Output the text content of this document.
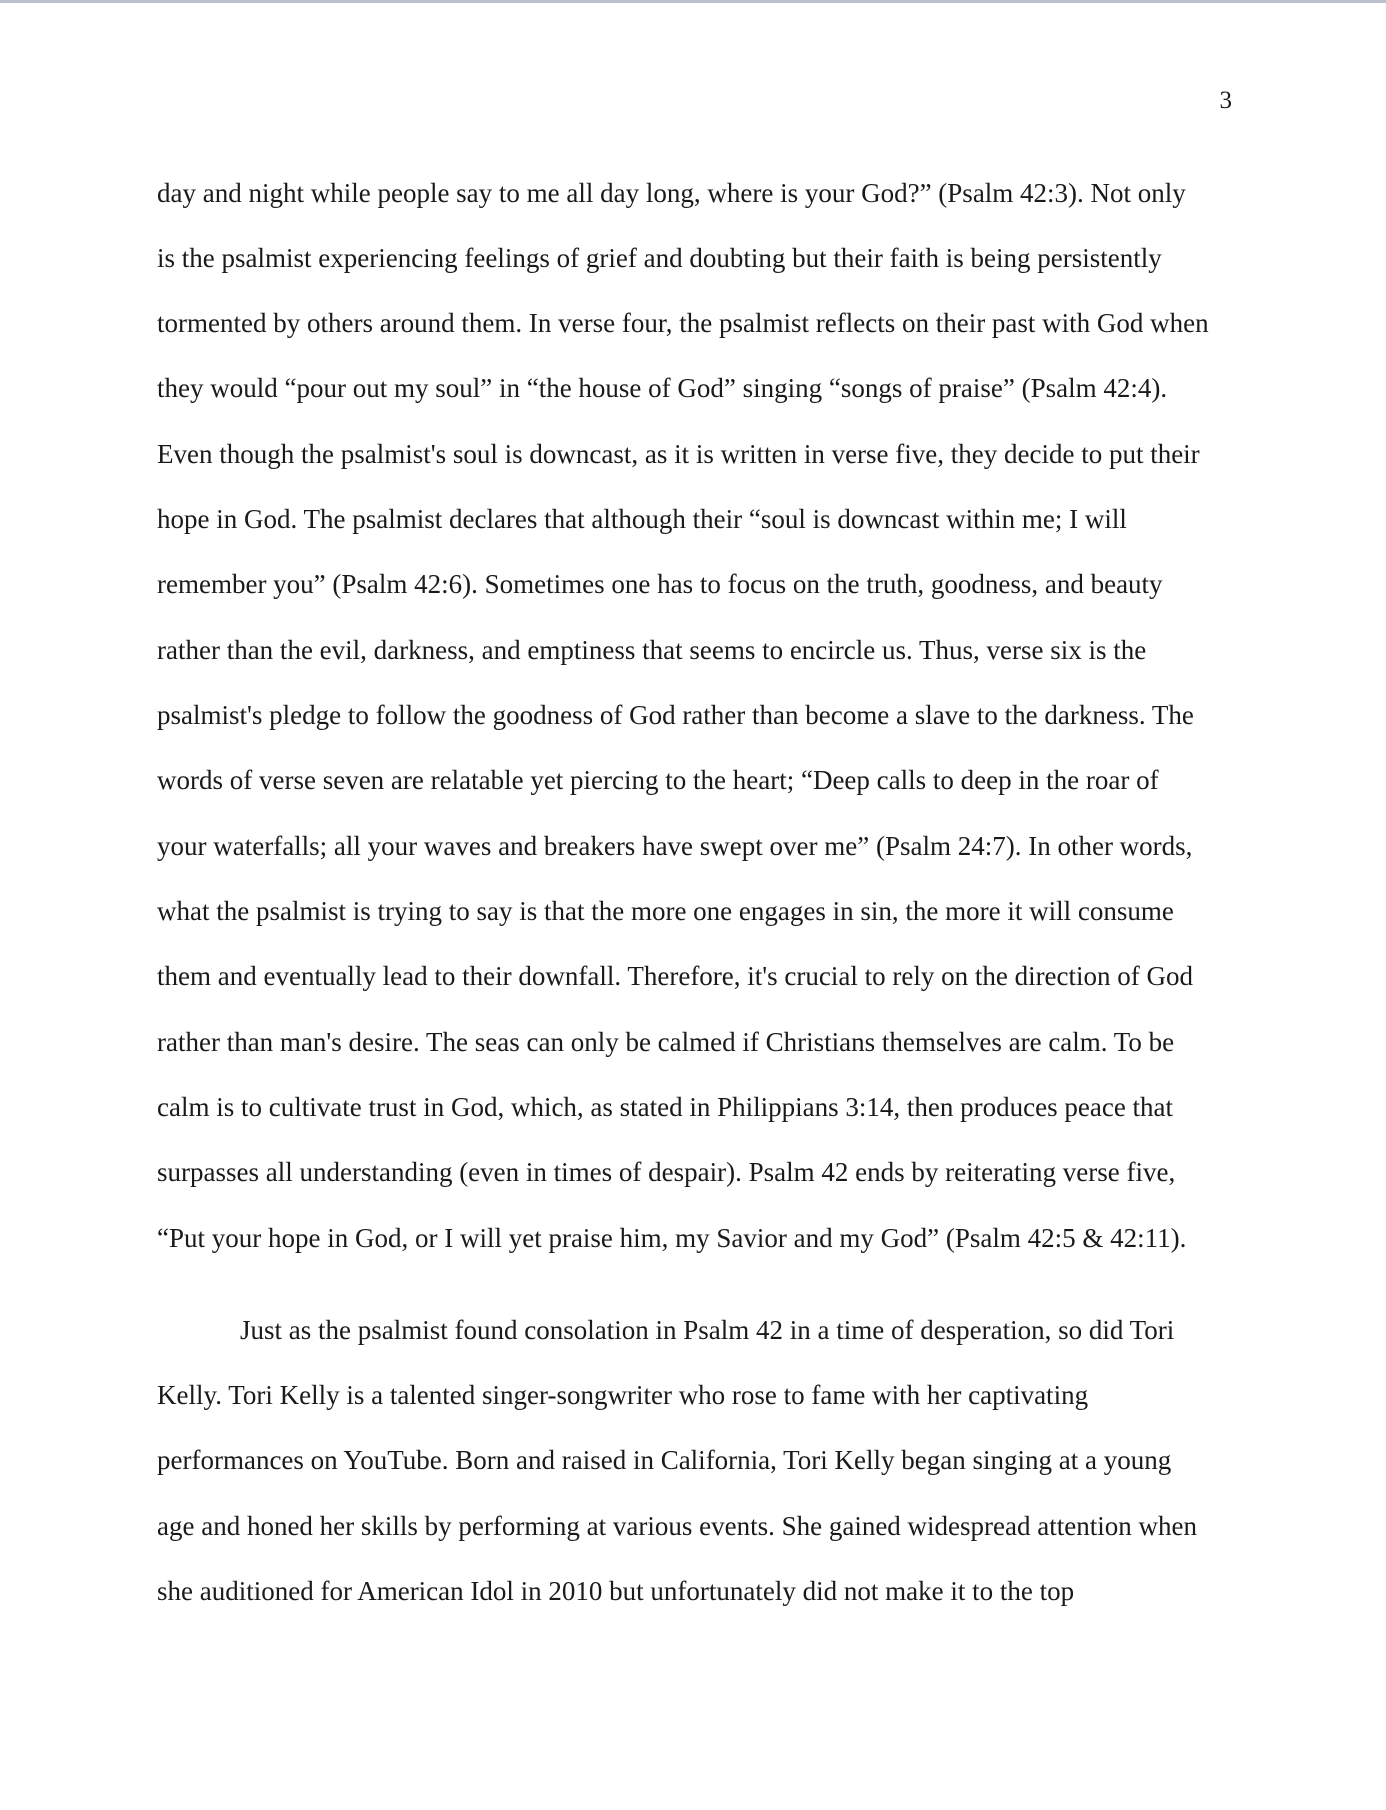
3
day and night while people say to me all day long, where is your God?” (Psalm 42:3). Not only
is the psalmist experiencing feelings of grief and doubting but their faith is being persistently
tormented by others around them. In verse four, the psalmist reflects on their past with God when
they would “pour out my soul” in “the house of God” singing “songs of praise” (Psalm 42:4).
Even though the psalmist's soul is downcast, as it is written in verse five, they decide to put their
hope in God. The psalmist declares that although their “soul is downcast within me; I will
remember you” (Psalm 42:6). Sometimes one has to focus on the truth, goodness, and beauty
rather than the evil, darkness, and emptiness that seems to encircle us. Thus, verse six is the
psalmist's pledge to follow the goodness of God rather than become a slave to the darkness. The
words of verse seven are relatable yet piercing to the heart; “Deep calls to deep in the roar of
your waterfalls; all your waves and breakers have swept over me” (Psalm 24:7). In other words,
what the psalmist is trying to say is that the more one engages in sin, the more it will consume
them and eventually lead to their downfall. Therefore, it's crucial to rely on the direction of God
rather than man's desire. The seas can only be calmed if Christians themselves are calm. To be
calm is to cultivate trust in God, which, as stated in Philippians 3:14, then produces peace that
surpasses all understanding (even in times of despair). Psalm 42 ends by reiterating verse five,
“Put your hope in God, or I will yet praise him, my Savior and my God” (Psalm 42:5 & 42:11).
Just as the psalmist found consolation in Psalm 42 in a time of desperation, so did Tori
Kelly. Tori Kelly is a talented singer-songwriter who rose to fame with her captivating
performances on YouTube. Born and raised in California, Tori Kelly began singing at a young
age and honed her skills by performing at various events. She gained widespread attention when
she auditioned for American Idol in 2010 but unfortunately did not make it to the top
